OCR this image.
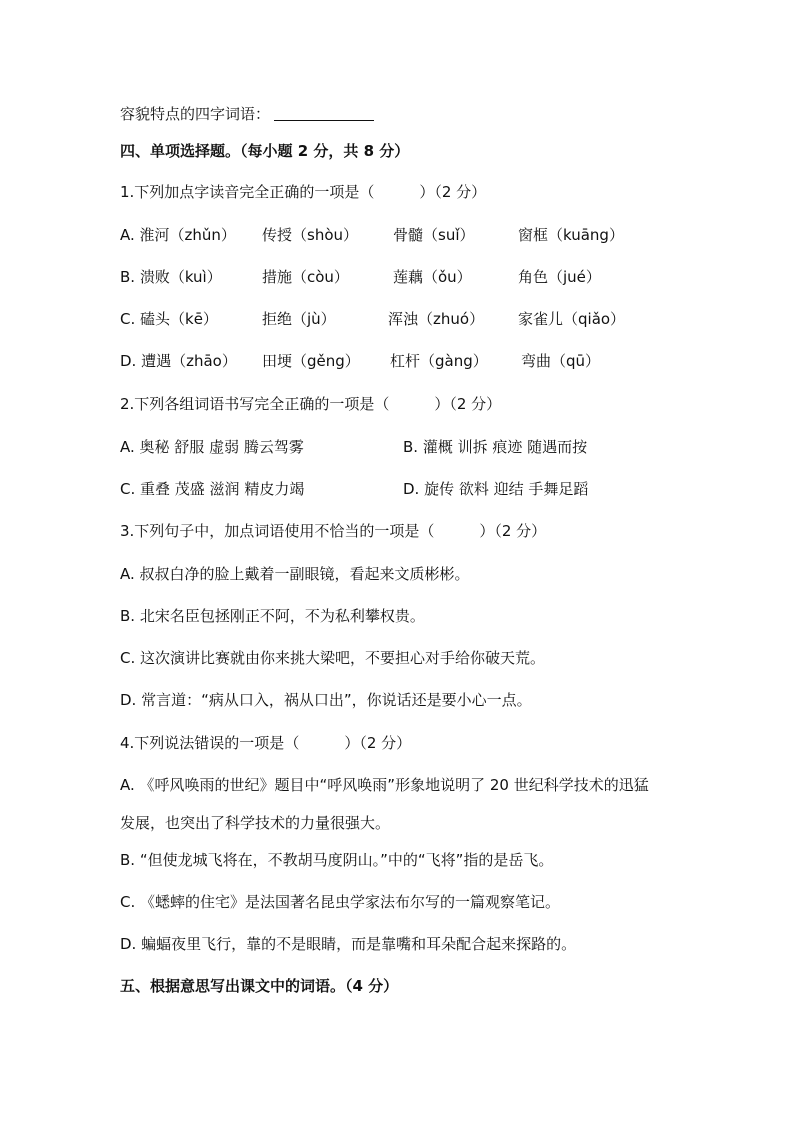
容貌特点的四字词语：
四、单项选择题。（每小题 2 分，共 8 分）
1.下列加点字读音完全正确的一项是（　　　）（2 分）
A. 淮河（zhǔn） 传授（shòu） 骨髓（suǐ）	窗框（kuāng）
B. 溃败（kuì）	措施（còu）	莲藕（ǒu）	角色（jué）
C. 磕头（kē）	拒绝（jù）	浑浊（zhuó） 家雀儿（qiǎo）
D. 遭遇（zhāo） 田埂（gěng） 杠杆（gàng） 弯曲（qū）
2.下列各组词语书写完全正确的一项是（　　　）（2 分）
A. 奥秘 舒服 虚弱 腾云驾雾	B. 灌概 训拆 痕迹 随遇而按
C. 重叠 茂盛 滋润 精皮力竭	D. 旋传 欲料 迎结 手舞足蹈
3.下列句子中，加点词语使用不恰当的一项是（　　　）（2 分）
A. 叔叔白净的脸上戴着一副眼镜，看起来文质彬彬。
B. 北宋名臣包拯刚正不阿，不为私利攀权贵。
C. 这次演讲比赛就由你来挑大梁吧，不要担心对手给你破天荒。
D. 常言道：“病从口入，祸从口出”，你说话还是要小心一点。
4.下列说法错误的一项是（　　　）（2 分）
A. 《呼风唤雨的世纪》题目中“呼风唤雨”形象地说明了 20 世纪科学技术的迅猛
发展，也突出了科学技术的力量很强大。
B. “但使龙城飞将在，不教胡马度阴山。”中的“飞将”指的是岳飞。
C. 《蟋蟀的住宅》是法国著名昆虫学家法布尔写的一篇观察笔记。
D. 蝙蝠夜里飞行，靠的不是眼睛，而是靠嘴和耳朵配合起来探路的。
五、根据意思写出课文中的词语。（4 分）
